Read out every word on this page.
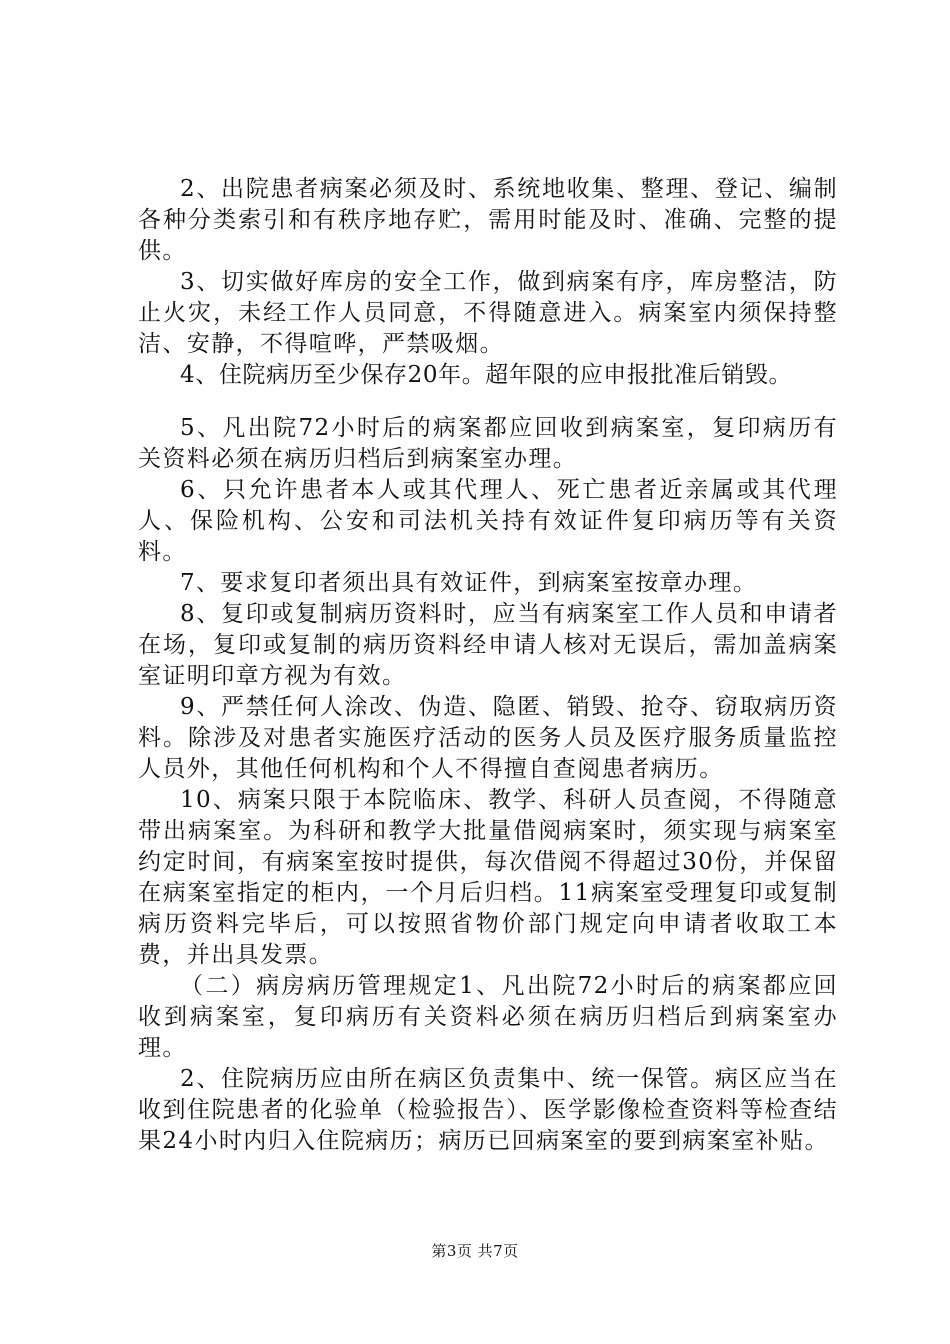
2、出院患者病案必须及时、系统地收集、整理、登记、编制各种分类索引和有秩序地存贮，需用时能及时、准确、完整的提供。

3、切实做好库房的安全工作，做到病案有序，库房整洁，防止火灾，未经工作人员同意，不得随意进入。病案室内须保持整洁、安静，不得喧哗，严禁吸烟。

4、住院病历至少保存20年。超年限的应申报批准后销毁。

5、凡出院72小时后的病案都应回收到病案室，复印病历有关资料必须在病历归档后到病案室办理。

6、只允许患者本人或其代理人、死亡患者近亲属或其代理人、保险机构、公安和司法机关持有效证件复印病历等有关资料。

7、要求复印者须出具有效证件，到病案室按章办理。

8、复印或复制病历资料时，应当有病案室工作人员和申请者在场，复印或复制的病历资料经申请人核对无误后，需加盖病案室证明印章方视为有效。

9、严禁任何人涂改、伪造、隐匿、销毁、抢夺、窃取病历资料。除涉及对患者实施医疗活动的医务人员及医疗服务质量监控人员外，其他任何机构和个人不得擅自查阅患者病历。

10、病案只限于本院临床、教学、科研人员查阅，不得随意带出病案室。为科研和教学大批量借阅病案时，须实现与病案室约定时间，有病案室按时提供，每次借阅不得超过30份，并保留在病案室指定的柜内，一个月后归档。11病案室受理复印或复制病历资料完毕后，可以按照省物价部门规定向申请者收取工本费，并出具发票。

（二）病房病历管理规定1、凡出院72小时后的病案都应回收到病案室，复印病历有关资料必须在病历归档后到病案室办理。

2、住院病历应由所在病区负责集中、统一保管。病区应当在收到住院患者的化验单（检验报告）、医学影像检查资料等检查结果24小时内归入住院病历；病历已回病案室的要到病案室补贴。

第3页 共7页
